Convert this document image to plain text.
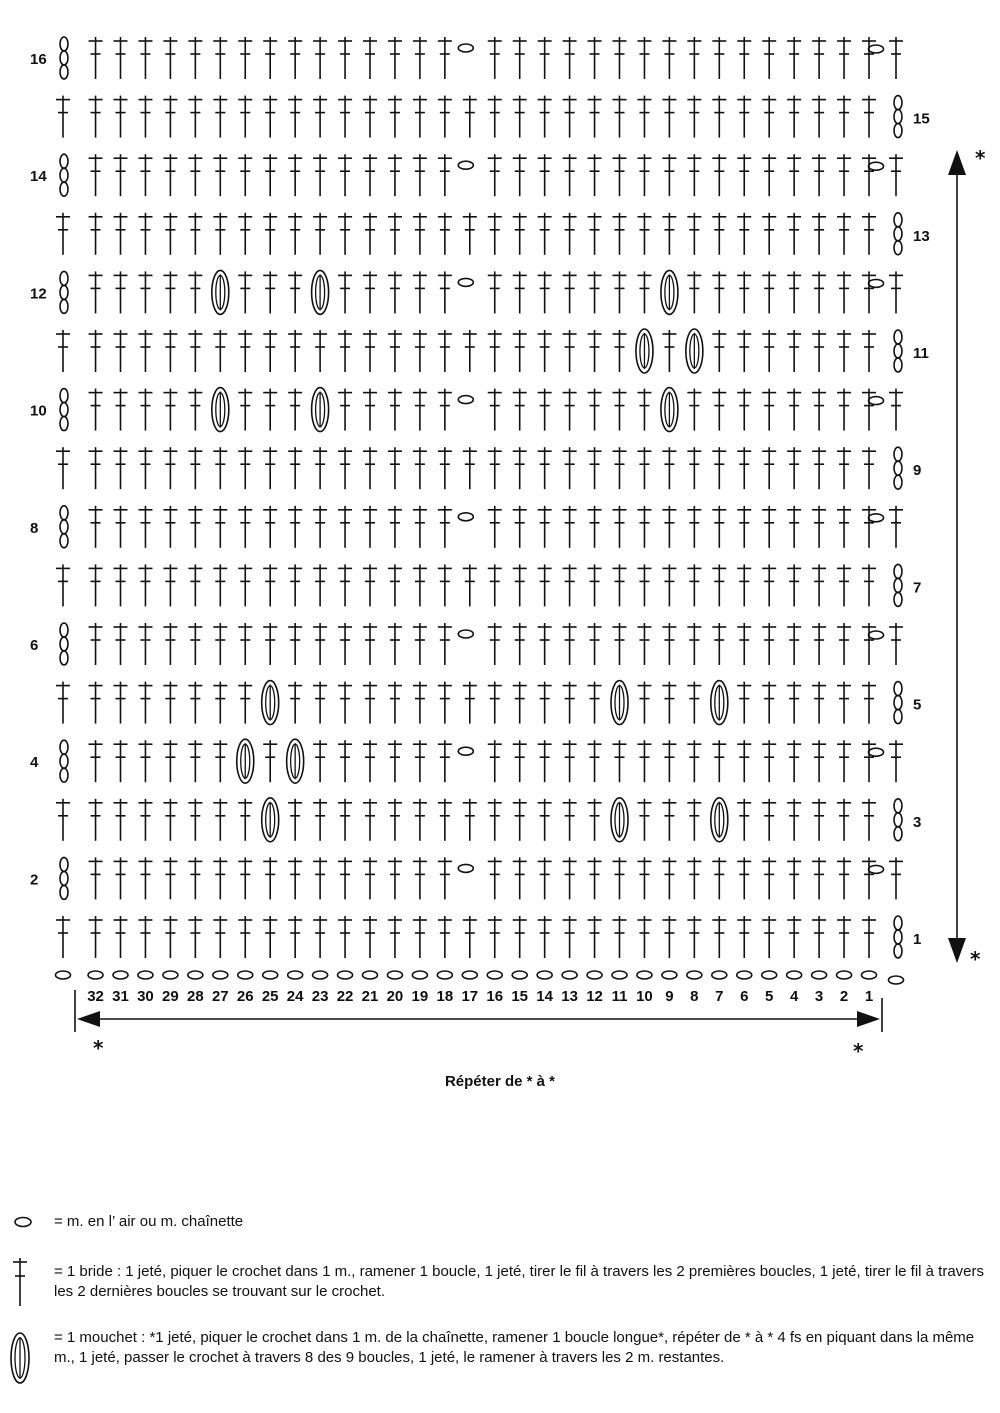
1
2
3
4
5
6
7
8
9
10
11
12
13
14
15
16
32 31 30 29 28 27 26 25 24 23 22 21 20 19 18 17 16 15 14 13 12 11 10 9 8 7 6 5 4 3 2 1
*
*
*	*
Répéter de * à *
= m. en l’ air ou m. chaînette
= 1 bride : 1 jeté, piquer le crochet dans 1 m., ramener 1 boucle, 1 jeté, tirer le fil à travers les 2 premières boucles, 1 jeté, tirer le fil à travers les 2 dernières boucles se trouvant sur le crochet.
= 1 mouchet : *1 jeté, piquer le crochet dans 1 m. de la chaînette, ramener 1 boucle longue*, répéter de * à * 4 fs en piquant dans la même m., 1 jeté, passer le crochet à travers 8 des 9 boucles, 1 jeté, le ramener à travers les 2 m. restantes.
